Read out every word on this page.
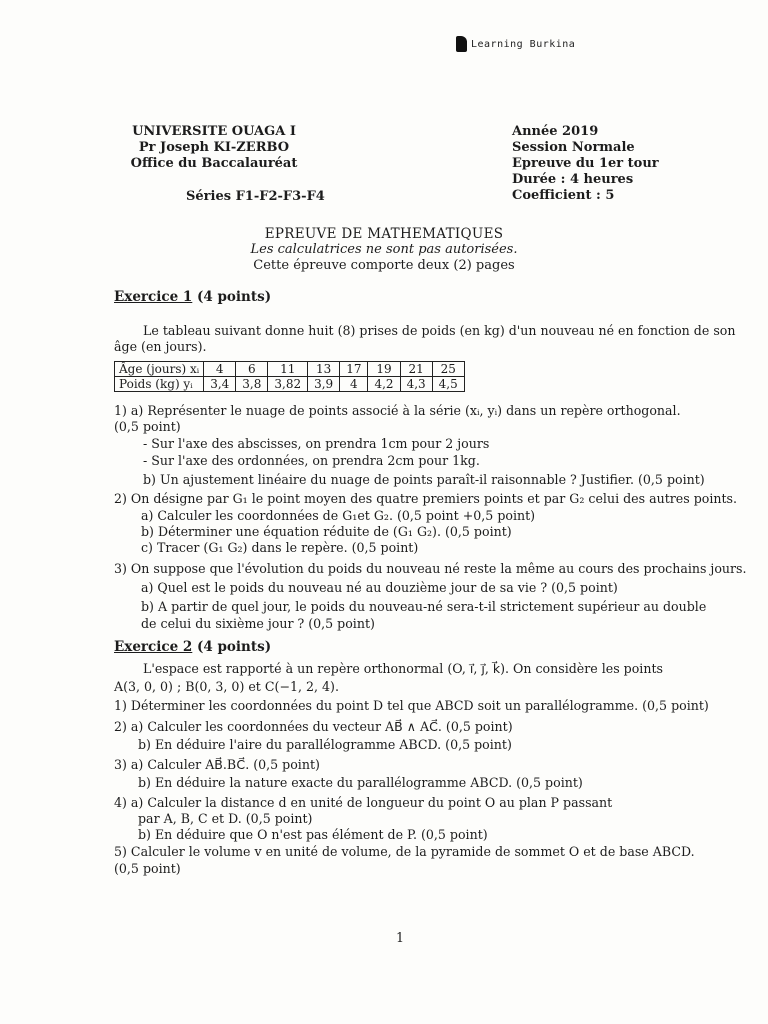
Learning Burkina
UNIVERSITE OUAGA I
Pr Joseph KI-ZERBO
Office du Baccalauréat
Année 2019
Session Normale
Epreuve du 1er tour
Durée : 4 heures
Coefficient : 5
Séries F1-F2-F3-F4
EPREUVE DE MATHEMATIQUES
Les calculatrices ne sont pas autorisées.
Cette épreuve comporte deux (2) pages
Exercice 1 (4 points)
Le tableau suivant donne huit (8) prises de poids (en kg) d'un nouveau né en fonction de son
âge (en jours).
Âge (jours) xᵢ	4	6	11	13	17	19	21	25
Poids (kg) yᵢ	3,4	3,8	3,82	3,9	4	4,2	4,3	4,5
1) a) Représenter le nuage de points associé à la série (xᵢ, yᵢ) dans un repère orthogonal.
(0,5 point)
- Sur l'axe des abscisses, on prendra 1cm pour 2 jours
- Sur l'axe des ordonnées, on prendra 2cm pour 1kg.
b) Un ajustement linéaire du nuage de points paraît-il raisonnable ? Justifier. (0,5 point)
2) On désigne par G₁ le point moyen des quatre premiers points et par G₂ celui des autres points.
a) Calculer les coordonnées de G₁et G₂. (0,5 point +0,5 point)
b) Déterminer une équation réduite de (G₁ G₂). (0,5 point)
c) Tracer (G₁ G₂) dans le repère. (0,5 point)
3) On suppose que l'évolution du poids du nouveau né reste la même au cours des prochains jours.
a) Quel est le poids du nouveau né au douzième jour de sa vie ? (0,5 point)
b) A partir de quel jour, le poids du nouveau-né sera-t-il strictement supérieur au double
de celui du sixième jour ? (0,5 point)
Exercice 2 (4 points)
L'espace est rapporté à un repère orthonormal (O, i⃗, j⃗, k⃗). On considère les points
A(3, 0, 0) ; B(0, 3, 0) et C(−1, 2, 4).
1) Déterminer les coordonnées du point D tel que ABCD soit un parallélogramme. (0,5 point)
2) a) Calculer les coordonnées du vecteur AB⃗ ∧ AC⃗. (0,5 point)
b) En déduire l'aire du parallélogramme ABCD. (0,5 point)
3) a) Calculer AB⃗.BC⃗. (0,5 point)
b) En déduire la nature exacte du parallélogramme ABCD. (0,5 point)
4) a) Calculer la distance d en unité de longueur du point O au plan P passant
par A, B, C et D. (0,5 point)
b) En déduire que O n'est pas élément de P. (0,5 point)
5) Calculer le volume v en unité de volume, de la pyramide de sommet O et de base ABCD.
(0,5 point)
1
